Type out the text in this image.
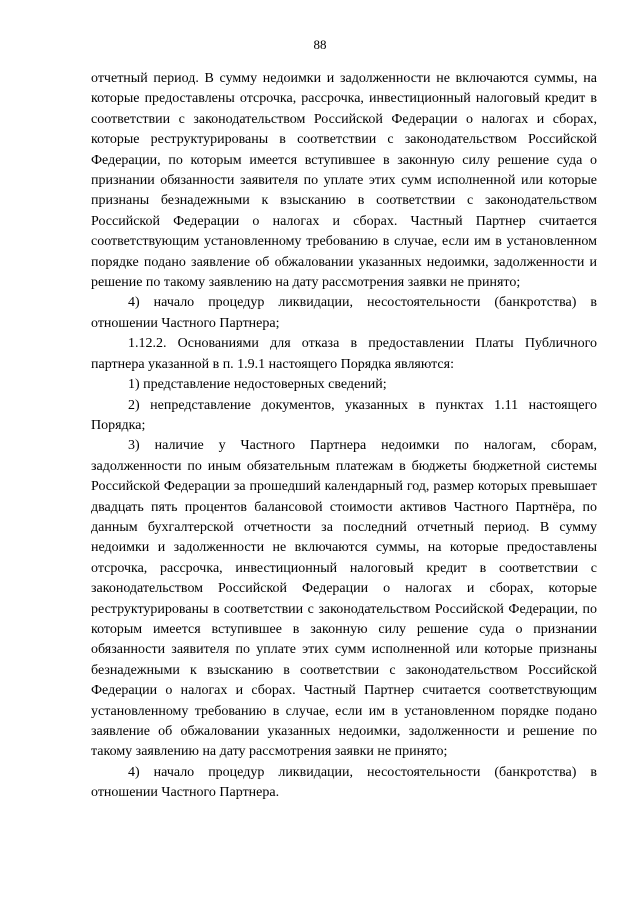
88

отчетный период. В сумму недоимки и задолженности не включаются суммы, на которые предоставлены отсрочка, рассрочка, инвестиционный налоговый кредит в соответствии с законодательством Российской Федерации о налогах и сборах, которые реструктурированы в соответствии с законодательством Российской Федерации, по которым имеется вступившее в законную силу решение суда о признании обязанности заявителя по уплате этих сумм исполненной или которые признаны безнадежными к взысканию в соответствии с законодательством Российской Федерации о налогах и сборах. Частный Партнер считается соответствующим установленному требованию в случае, если им в установленном порядке подано заявление об обжаловании указанных недоимки, задолженности и решение по такому заявлению на дату рассмотрения заявки не принято;

4) начало процедур ликвидации, несостоятельности (банкротства) в отношении Частного Партнера;

1.12.2. Основаниями для отказа в предоставлении Платы Публичного партнера указанной в п. 1.9.1 настоящего Порядка являются:

1) представление недостоверных сведений;

2) непредставление документов, указанных в пунктах 1.11 настоящего Порядка;

3) наличие у Частного Партнера недоимки по налогам, сборам, задолженности по иным обязательным платежам в бюджеты бюджетной системы Российской Федерации за прошедший календарный год, размер которых превышает двадцать пять процентов балансовой стоимости активов Частного Партнёра, по данным бухгалтерской отчетности за последний отчетный период. В сумму недоимки и задолженности не включаются суммы, на которые предоставлены отсрочка, рассрочка, инвестиционный налоговый кредит в соответствии с законодательством Российской Федерации о налогах и сборах, которые реструктурированы в соответствии с законодательством Российской Федерации, по которым имеется вступившее в законную силу решение суда о признании обязанности заявителя по уплате этих сумм исполненной или которые признаны безнадежными к взысканию в соответствии с законодательством Российской Федерации о налогах и сборах. Частный Партнер считается соответствующим установленному требованию в случае, если им в установленном порядке подано заявление об обжаловании указанных недоимки, задолженности и решение по такому заявлению на дату рассмотрения заявки не принято;

4) начало процедур ликвидации, несостоятельности (банкротства) в отношении Частного Партнера.
